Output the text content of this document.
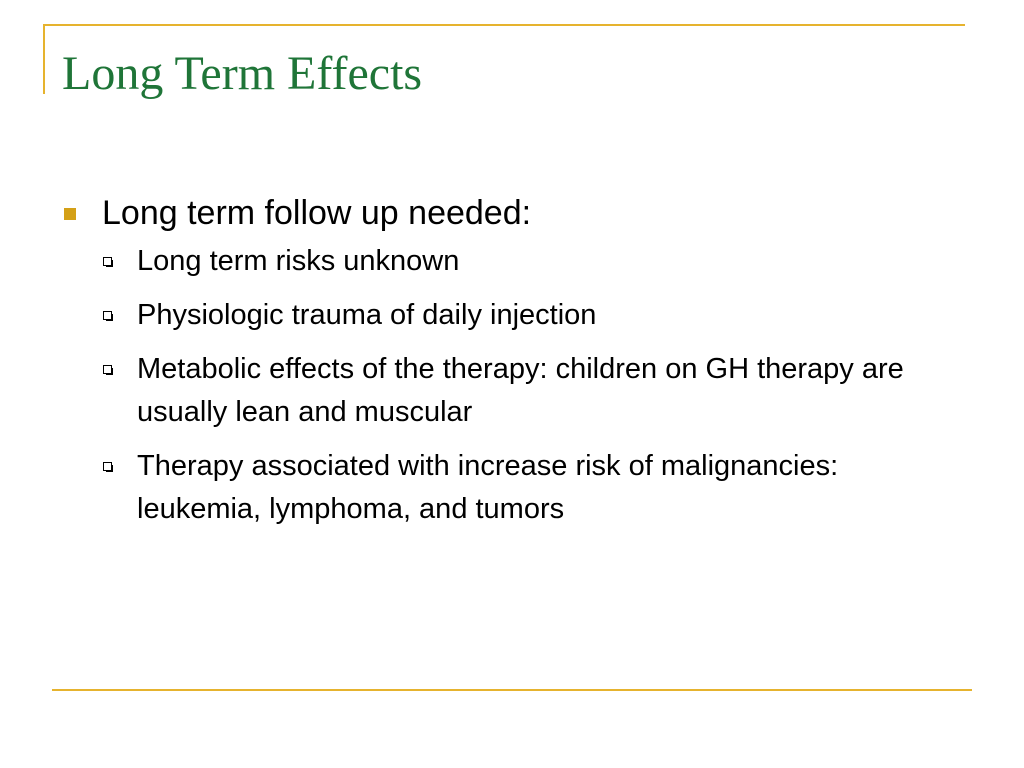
Long Term Effects
Long term follow up needed:
Long term risks unknown
Physiologic trauma of daily injection
Metabolic effects of the therapy: children on GH therapy are usually lean and muscular
Therapy associated with increase risk of malignancies: leukemia, lymphoma, and tumors
